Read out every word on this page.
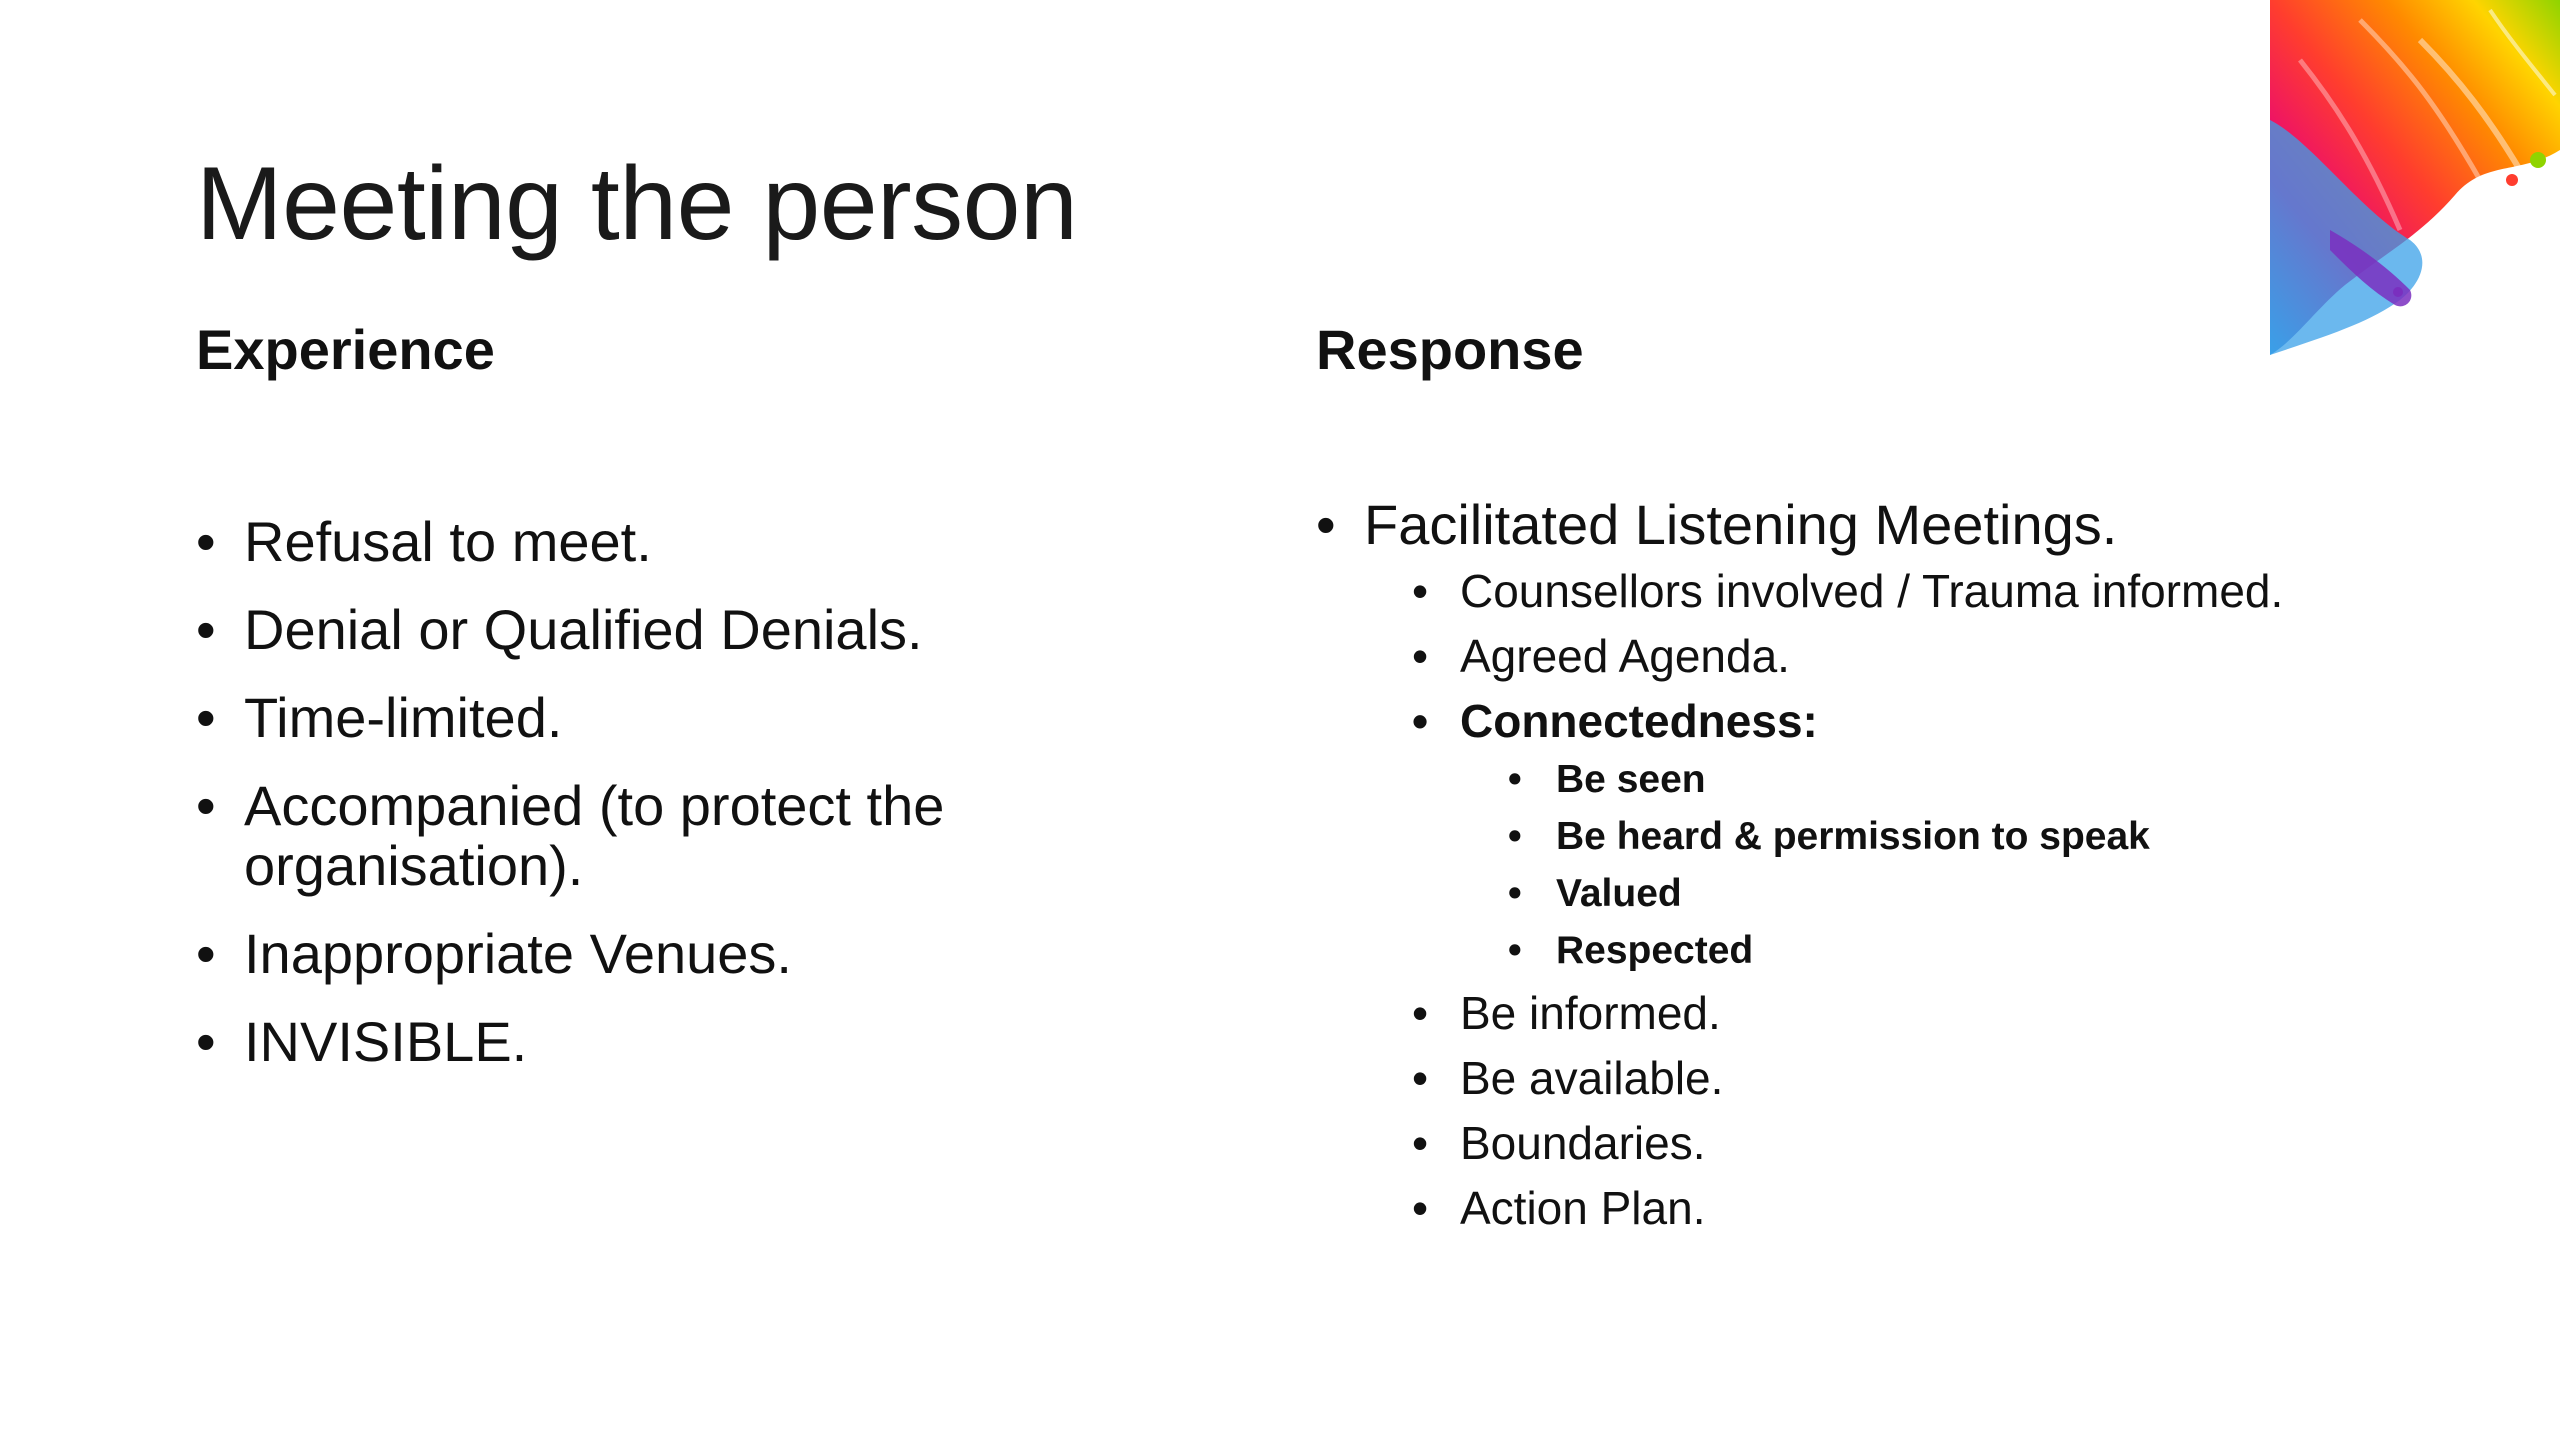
Meeting the person
Experience
• Refusal to meet.
• Denial or Qualified Denials.
• Time-limited.
• Accompanied (to protect the organisation).
• Inappropriate Venues.
• INVISIBLE.
Response
• Facilitated Listening Meetings.
• Counsellors involved / Trauma informed.
• Agreed Agenda.
• Connectedness:
• Be seen
• Be heard & permission to speak
• Valued
• Respected
• Be informed.
• Be available.
• Boundaries.
• Action Plan.
